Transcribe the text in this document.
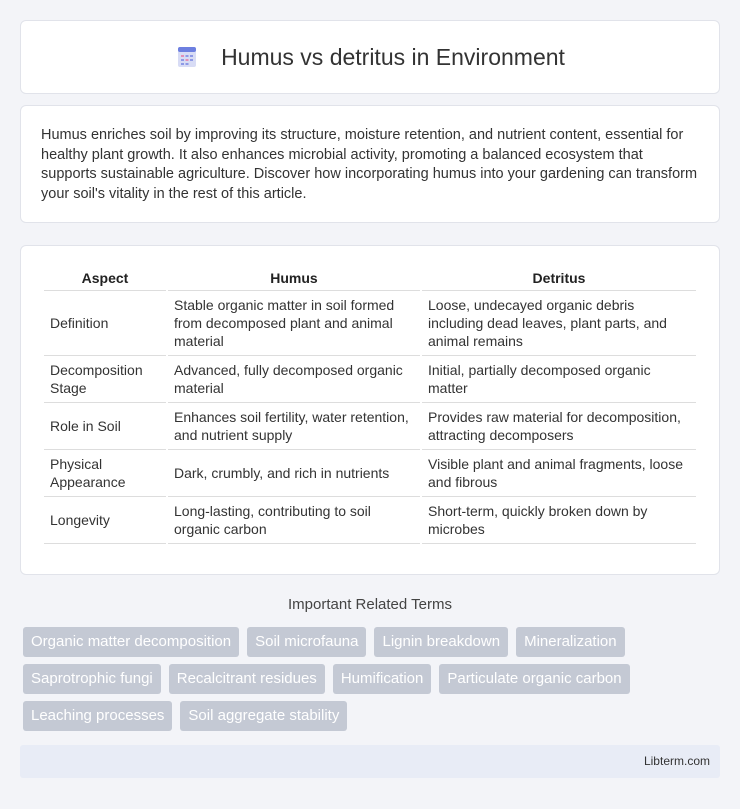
Humus vs detritus in Environment

Humus enriches soil by improving its structure, moisture retention, and nutrient content, essential for healthy plant growth. It also enhances microbial activity, promoting a balanced ecosystem that supports sustainable agriculture. Discover how incorporating humus into your gardening can transform your soil's vitality in the rest of this article.

Aspect	Humus	Detritus
Definition	Stable organic matter in soil formed from decomposed plant and animal material	Loose, undecayed organic debris including dead leaves, plant parts, and animal remains
Decomposition Stage	Advanced, fully decomposed organic material	Initial, partially decomposed organic matter
Role in Soil	Enhances soil fertility, water retention, and nutrient supply	Provides raw material for decomposition, attracting decomposers
Physical Appearance	Dark, crumbly, and rich in nutrients	Visible plant and animal fragments, loose and fibrous
Longevity	Long-lasting, contributing to soil organic carbon	Short-term, quickly broken down by microbes
Important Related Terms
Organic matter decomposition	Soil microfauna	Lignin breakdown	Mineralization
Saprotrophic fungi	Recalcitrant residues	Humification	Particulate organic carbon
Leaching processes	Soil aggregate stability
Libterm.com
